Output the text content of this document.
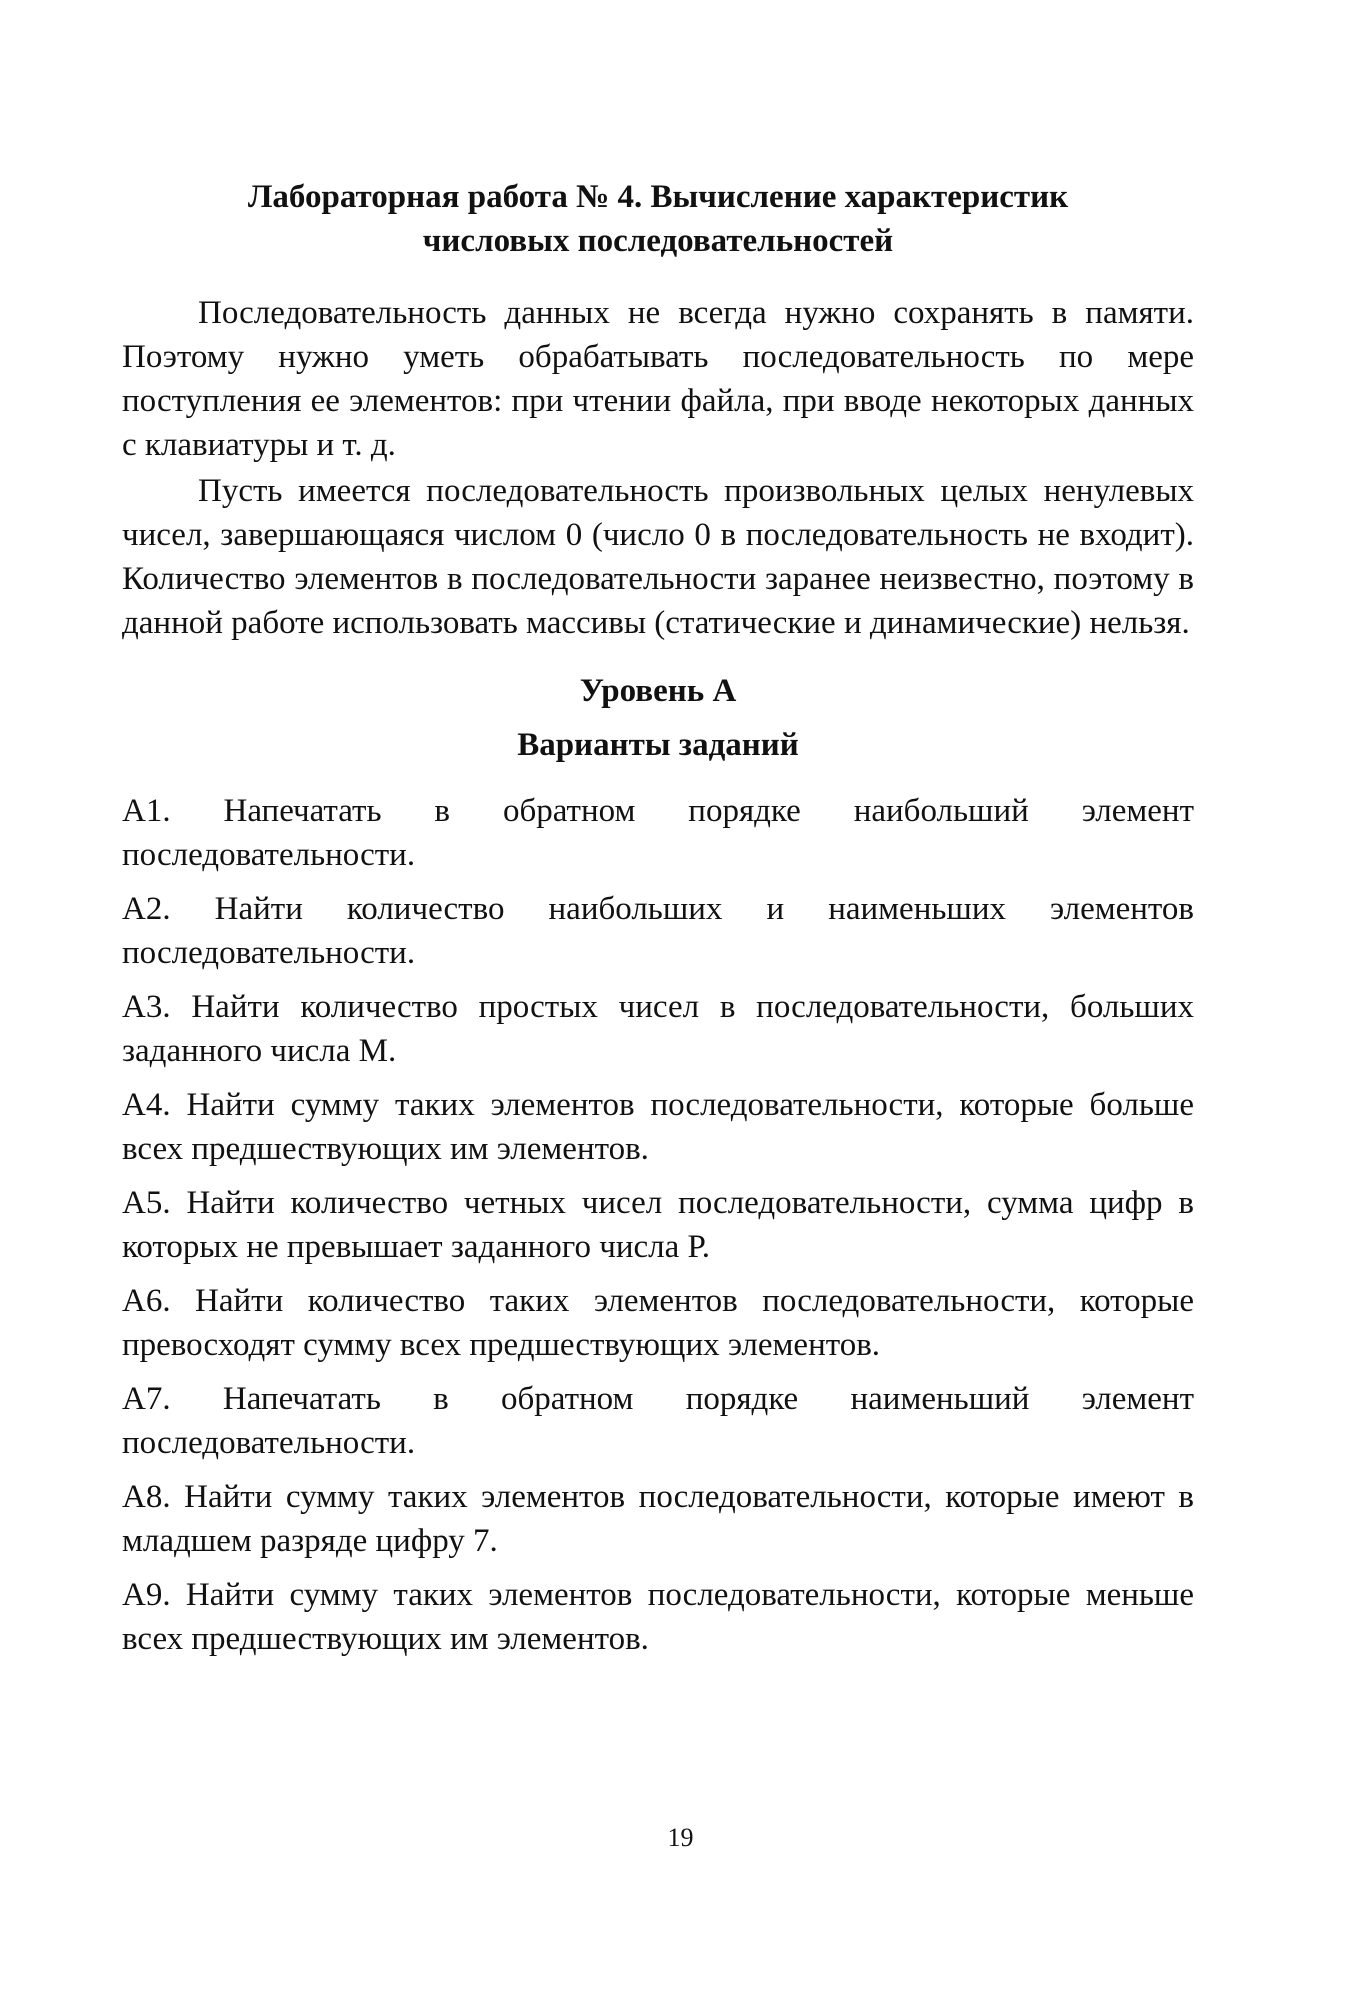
Лабораторная работа № 4. Вычисление характеристик
числовых последовательностей

Последовательность данных не всегда нужно сохранять в памяти. Поэтому нужно уметь обрабатывать последовательность по мере поступления ее элементов: при чтении файла, при вводе некоторых данных с клавиатуры и т. д.

Пусть имеется последовательность произвольных целых ненулевых чисел, завершающаяся числом 0 (число 0 в последовательность не входит). Количество элементов в последовательности заранее неизвестно, поэтому в данной работе использовать массивы (статические и динамические) нельзя.

Уровень А
Варианты заданий
А1. Напечатать в обратном порядке наибольший элемент последовательности.
А2. Найти количество наибольших и наименьших элементов последовательности.
А3. Найти количество простых чисел в последовательности, больших заданного числа М.
А4. Найти сумму таких элементов последовательности, которые больше всех предшествующих им элементов.
А5. Найти количество четных чисел последовательности, сумма цифр в которых не превышает заданного числа Р.
А6. Найти количество таких элементов последовательности, которые превосходят сумму всех предшествующих элементов.
А7. Напечатать в обратном порядке наименьший элемент последовательности.
А8. Найти сумму таких элементов последовательности, которые имеют в младшем разряде цифру 7.
А9. Найти сумму таких элементов последовательности, которые меньше всех предшествующих им элементов.
19
